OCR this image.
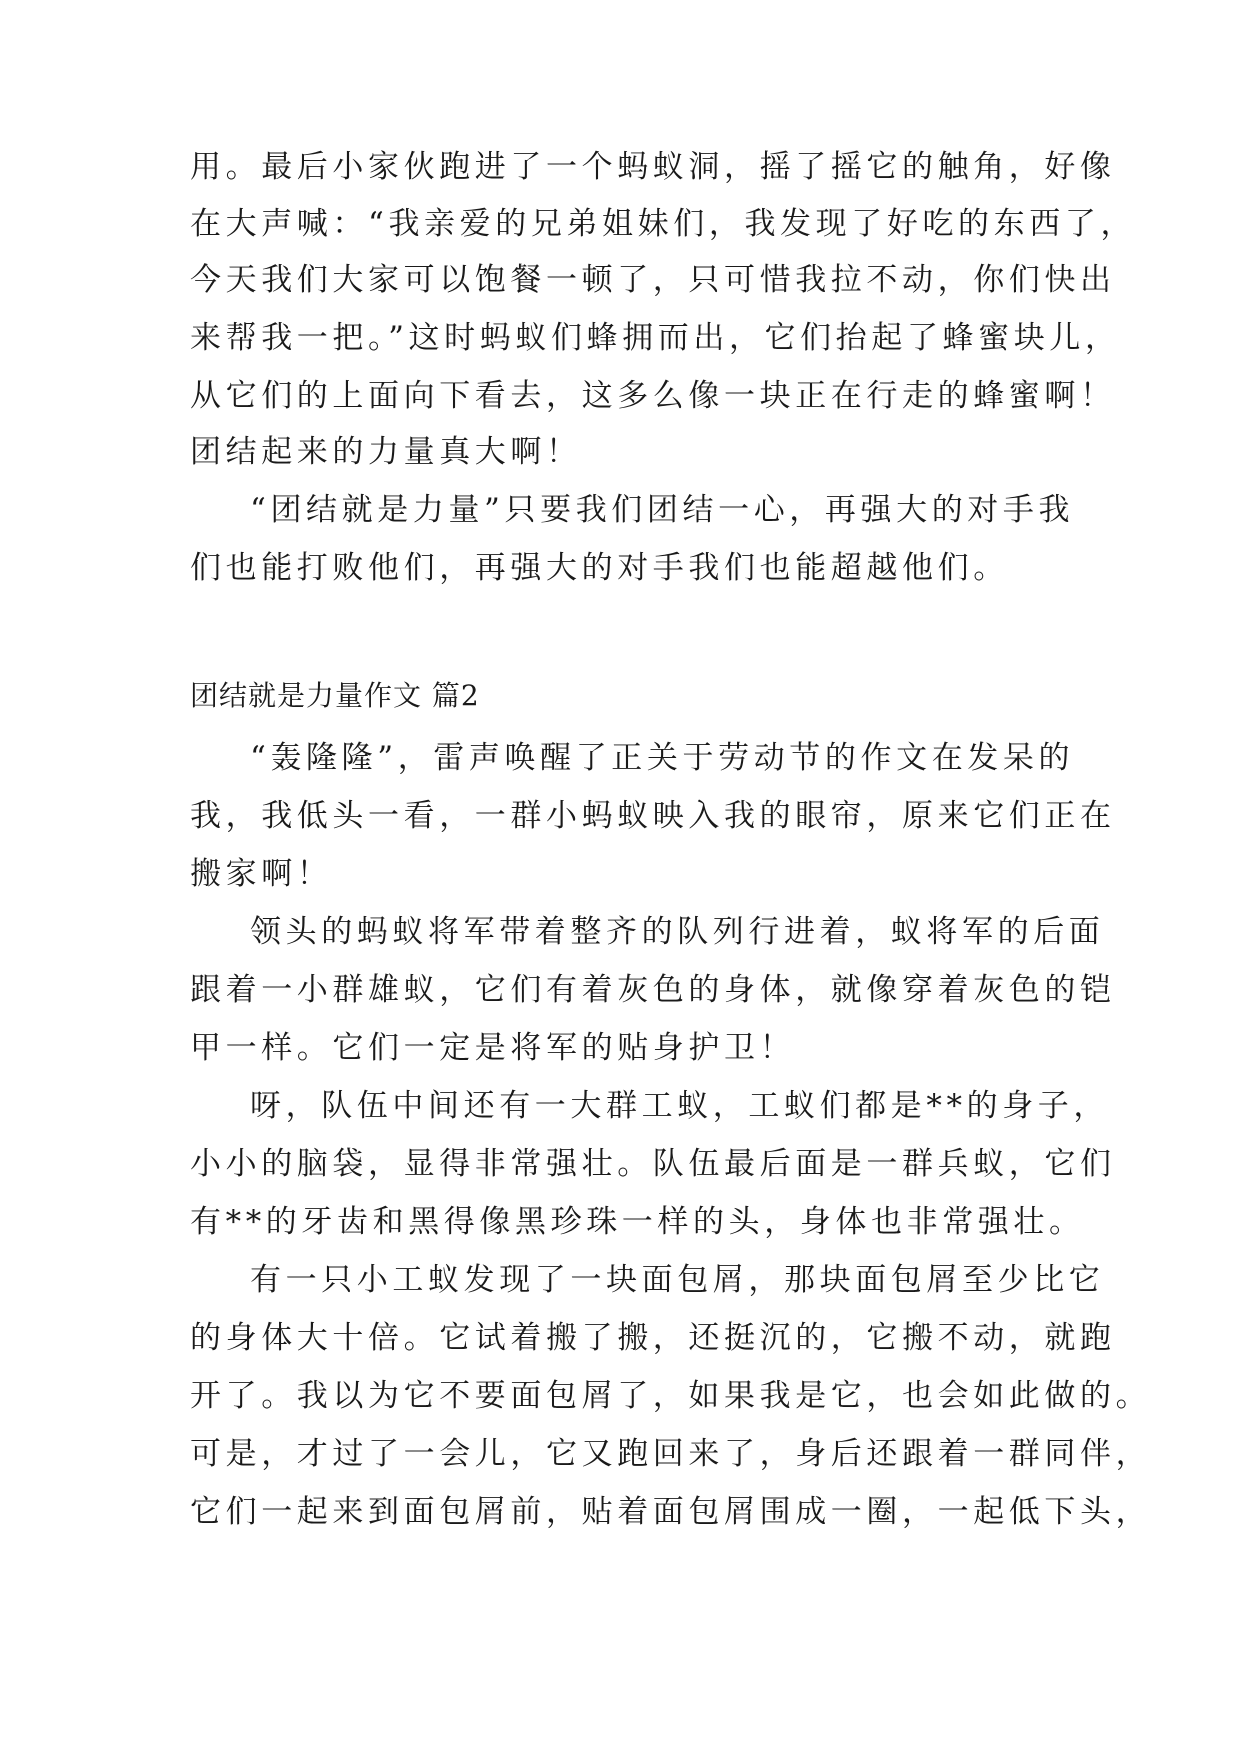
用。最后小家伙跑进了一个蚂蚁洞，摇了摇它的触角，好像
在大声喊：“我亲爱的兄弟姐妹们，我发现了好吃的东西了，
今天我们大家可以饱餐一顿了，只可惜我拉不动，你们快出
来帮我一把。”这时蚂蚁们蜂拥而出，它们抬起了蜂蜜块儿，
从它们的上面向下看去，这多么像一块正在行走的蜂蜜啊！
团结起来的力量真大啊！
“团结就是力量”只要我们团结一心，再强大的对手我
们也能打败他们，再强大的对手我们也能超越他们。
团结就是力量作文 篇2
“轰隆隆”，雷声唤醒了正关于劳动节的作文在发呆的
我，我低头一看，一群小蚂蚁映入我的眼帘，原来它们正在
搬家啊！
领头的蚂蚁将军带着整齐的队列行进着，蚁将军的后面
跟着一小群雄蚁，它们有着灰色的身体，就像穿着灰色的铠
甲一样。它们一定是将军的贴身护卫！
呀，队伍中间还有一大群工蚁，工蚁们都是**的身子，
小小的脑袋，显得非常强壮。队伍最后面是一群兵蚁，它们
有**的牙齿和黑得像黑珍珠一样的头，身体也非常强壮。
有一只小工蚁发现了一块面包屑，那块面包屑至少比它
的身体大十倍。它试着搬了搬，还挺沉的，它搬不动，就跑
开了。我以为它不要面包屑了，如果我是它，也会如此做的。
可是，才过了一会儿，它又跑回来了，身后还跟着一群同伴，
它们一起来到面包屑前，贴着面包屑围成一圈，一起低下头，
